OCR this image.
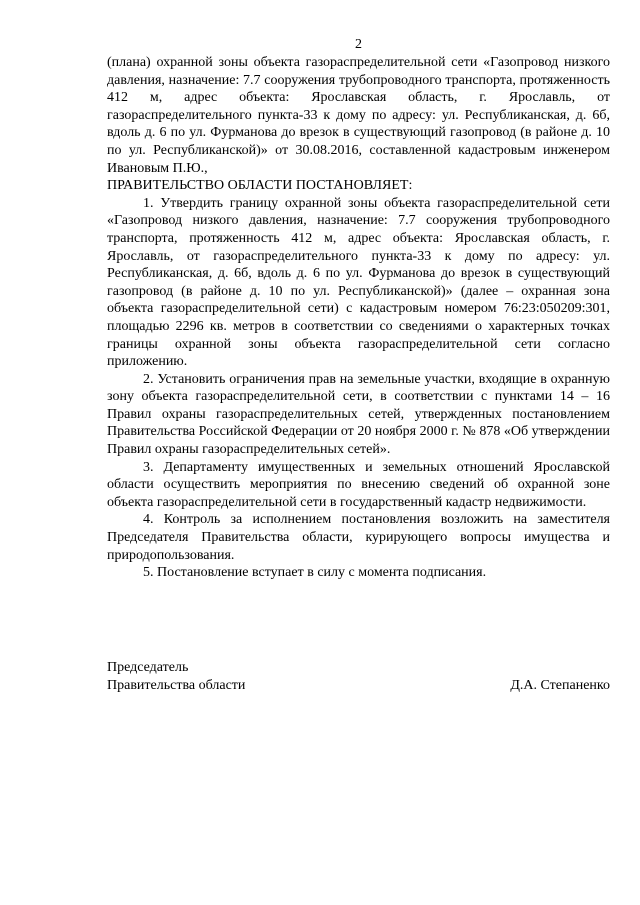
2

(плана) охранной зоны объекта газораспределительной сети «Газопровод низкого давления, назначение: 7.7 сооружения трубопроводного транспорта, протяженность 412 м, адрес объекта: Ярославская область, г. Ярославль, от газораспределительного пункта-33 к дому по адресу: ул. Республиканская, д. 6б, вдоль д. 6 по ул. Фурманова до врезок в существующий газопровод (в районе д. 10 по ул. Республиканской)» от 30.08.2016, составленной кадастровым инженером Ивановым П.Ю.,

ПРАВИТЕЛЬСТВО ОБЛАСТИ ПОСТАНОВЛЯЕТ:

1. Утвердить границу охранной зоны объекта газораспределительной сети «Газопровод низкого давления, назначение: 7.7 сооружения трубопроводного транспорта, протяженность 412 м, адрес объекта: Ярославская область, г. Ярославль, от газораспределительного пункта-33 к дому по адресу: ул. Республиканская, д. 6б, вдоль д. 6 по ул. Фурманова до врезок в существующий газопровод (в районе д. 10 по ул. Республиканской)» (далее – охранная зона объекта газораспределительной сети) с кадастровым номером 76:23:050209:301, площадью 2296 кв. метров в соответствии со сведениями о характерных точках границы охранной зоны объекта газораспределительной сети согласно приложению.

2. Установить ограничения прав на земельные участки, входящие в охранную зону объекта газораспределительной сети, в соответствии с пунктами 14 – 16 Правил охраны газораспределительных сетей, утвержденных постановлением Правительства Российской Федерации от 20 ноября 2000 г. № 878 «Об утверждении Правил охраны газораспределительных сетей».

3. Департаменту имущественных и земельных отношений Ярославской области осуществить мероприятия по внесению сведений об охранной зоне объекта газораспределительной сети в государственный кадастр недвижимости.

4. Контроль за исполнением постановления возложить на заместителя Председателя Правительства области, курирующего вопросы имущества и природопользования.

5. Постановление вступает в силу с момента подписания.

Председатель
Правительства области	Д.А. Степаненко
